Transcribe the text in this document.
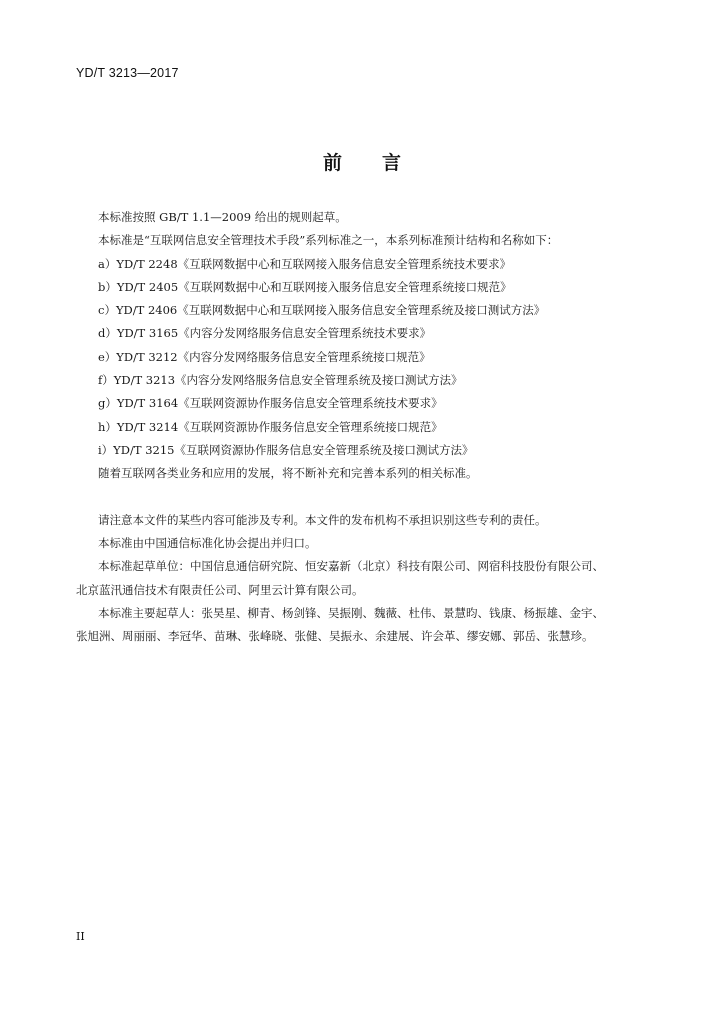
YD/T 3213—2017
前 言

本标准按照 GB/T 1.1—2009 给出的规则起草。

本标准是“互联网信息安全管理技术手段”系列标准之一，本系列标准预计结构和名称如下：

a）YD/T 2248《互联网数据中心和互联网接入服务信息安全管理系统技术要求》

b）YD/T 2405《互联网数据中心和互联网接入服务信息安全管理系统接口规范》

c）YD/T 2406《互联网数据中心和互联网接入服务信息安全管理系统及接口测试方法》

d）YD/T 3165《内容分发网络服务信息安全管理系统技术要求》

e）YD/T 3212《内容分发网络服务信息安全管理系统接口规范》

f）YD/T 3213《内容分发网络服务信息安全管理系统及接口测试方法》

g）YD/T 3164《互联网资源协作服务信息安全管理系统技术要求》

h）YD/T 3214《互联网资源协作服务信息安全管理系统接口规范》

i）YD/T 3215《互联网资源协作服务信息安全管理系统及接口测试方法》

随着互联网各类业务和应用的发展，将不断补充和完善本系列的相关标准。

请注意本文件的某些内容可能涉及专利。本文件的发布机构不承担识别这些专利的责任。

本标准由中国通信标准化协会提出并归口。

本标准起草单位：中国信息通信研究院、恒安嘉新（北京）科技有限公司、网宿科技股份有限公司、

北京蓝汛通信技术有限责任公司、阿里云计算有限公司。

本标准主要起草人：张昊星、柳青、杨剑锋、吴振刚、魏薇、杜伟、景慧昀、钱康、杨振雄、金宇、

张旭洲、周丽丽、李冠华、苗琳、张峰晓、张健、吴振永、余建展、许会革、缪安娜、郭岳、张慧珍。

II
